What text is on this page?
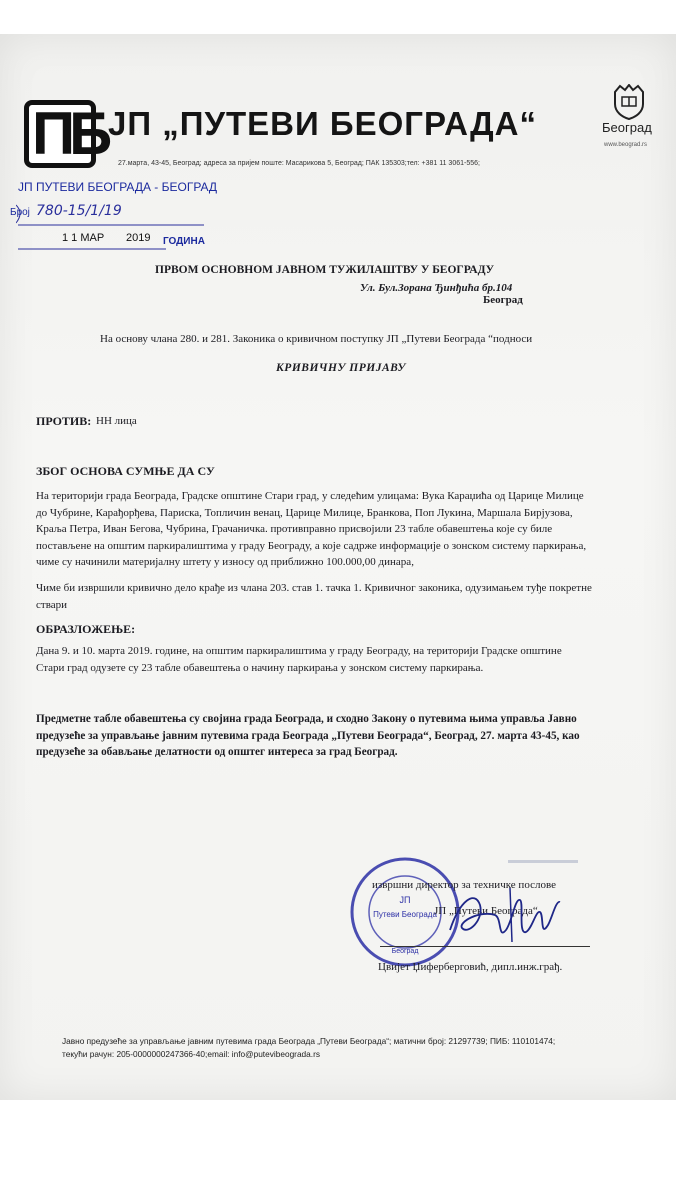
ПБ ЈП „ПУТЕВИ БЕОГРАДА“
27.марта, 43-45, Београд; адреса за пријем поште: Масарикова 5, Београд; ПАК 135303;тел: +381 11 3061-556;
Београд
www.beograd.rs
ЈП ПУТЕВИ БЕОГРАДА - БЕОГРАД
Број 780-15/1/19
1 1 МАР 2019 ГОДИНА
ПРВОМ ОСНОВНОМ ЈАВНОМ ТУЖИЛАШТВУ У БЕОГРАДУ
Ул. Бул.Зорана Ђинђића бр.104
Београд
На основу члана 280. и 281. Законика о кривичном поступку ЈП „Путеви Београда “подноси
КРИВИЧНУ ПРИЈАВУ
ПРОТИВ: НН лица
ЗБОГ ОСНОВА СУМЊЕ ДА СУ
На територији града Београда, Градске општине Стари град, у следећим улицама: Вука Караџића од Царице Милице
до Чубрине, Карађорђева, Париска, Топличин венац, Царице Милице, Бранкова, Поп Лукина, Маршала Бирјузова,
Краља Петра, Иван Бегова, Чубрина, Грачаничка. противправно присвојили 23 табле обавештења које су биле
постављене на општим паркиралиштима у граду Београду, а које садрже информације о зонском систему паркирања,
чиме су начинили материјалну штету у износу од приближно 100.000,00 динара,
Чиме би извршили кривично дело крађе из члана 203. став 1. тачка 1. Кривичног законика, одузимањем туђе покретне
ствари
ОБРАЗЛОЖЕЊЕ:
Дана 9. и 10. марта 2019. године, на општим паркиралиштима у граду Београду, на територији Градске општине
Стари град одузете су 23 табле обавештења о начину паркирања у зонском систему паркирања.
Предметне табле обавештења су својина града Београда, и сходно Закону о путевима њима управља Јавно
предузеће за управљање јавним путевима града Београда „Путеви Београда“, Београд, 27. марта 43-45, као
предузеће за обављање делатности од општег интереса за град Београд.
ЈП
Путеви Београда
Београд
извршни директор за техничке послове
ЈП „Путеви Београда“
Цвијет Џиферберговић, дипл.инж.грађ.
Јавно предузеће за управљање јавним путевима града Београда „Путеви Београда“; матични број: 21297739; ПИБ: 110101474;
текући рачун: 205-0000000247366-40;email: info@putevibeograda.rs
